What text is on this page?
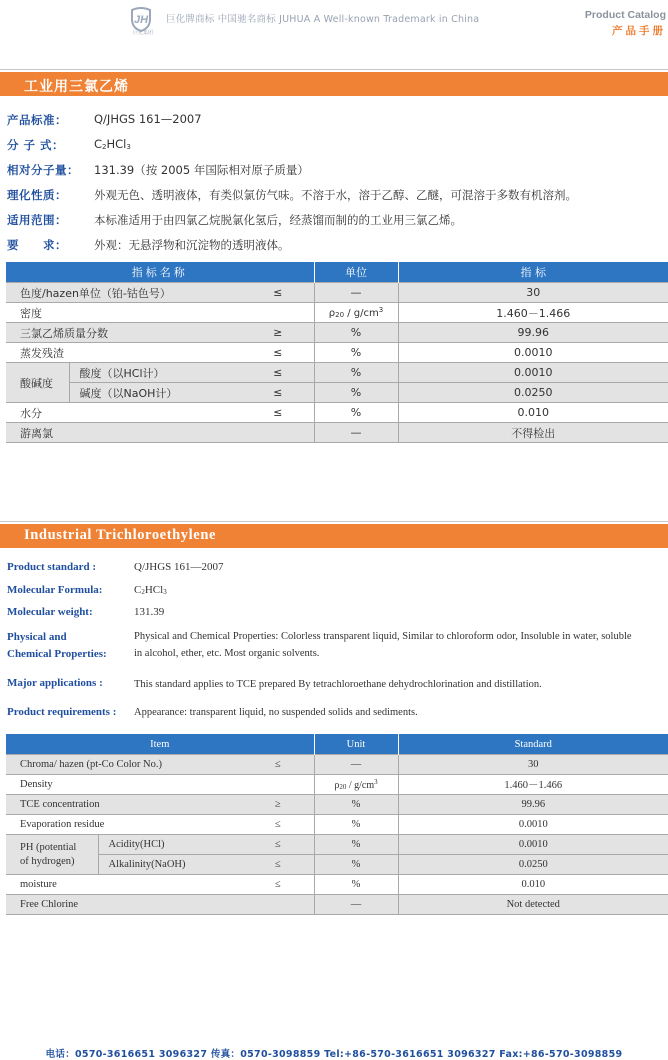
JH
巨化集团
巨化牌商标 中国驰名商标 JUHUA A Well-known Trademark in China	Product Catalog
产品手册
工业用三氯乙烯
产品标准： Q/JHGS 161—2007
分 子 式：	$C_2HCl_3$
相对分子量： 131.39（按 2005 年国际相对原子质量）
理化性质： 外观无色、透明液体，有类似氯仿气味。不溶于水，溶于乙醇、乙醚，可混溶于多数有机溶剂。
适用范围： 本标准适用于由四氯乙烷脱氯化氢后，经蒸馏而制的的工业用三氯乙烯。
要　　求： 外观：无悬浮物和沉淀物的透明液体。
指标名称			单位	指 标
色度/hazen单位（铂-钴色号）		≤	—	30
密度			$\rho_{20} / g/cm^3$	1.460－1.466
三氯乙烯质量分数		≥	%	99.96
蒸发残渣		≤	%	0.0010
酸碱度	酸度（以HCl计）	≤	%	0.0010
	碱度（以NaOH计）	≤	%	0.0250
水分		≤	%	0.010
游离氯			—	不得检出
Industrial Trichloroethylene
Product standard :	Q/JHGS 161—2007
Molecular Formula:	$C_2HCl_3$
Molecular weight:	131.39
Physical and
Chemical Properties:
Physical and Chemical Properties: Colorless transparent liquid, Similar to chloroform odor, Insoluble in water, soluble
in alcohol, ether, etc. Most organic solvents.
Major applications :	This standard applies to TCE prepared By tetrachloroethane dehydrochlorination and distillation.
Product requirements : Appearance: transparent liquid, no suspended solids and sediments.
Item			Unit	Standard
Chroma/ hazen (pt-Co Color No.)		≤	—	30
Density			$\rho_{20} / g/cm^3$	1.460－1.466
TCE concentration		≥	%	99.96
Evaporation residue		≤	%	0.0010

PH (potential
of hydrogen)	Acidity(HCl)	≤	%	0.0010
	Alkalinity(NaOH)	≤	%	0.0250
moisture		≤	%	0.010
Free Chlorine			—	Not detected
电话：0570-3616651 3096327 传真：0570-3098859 Tel:+86-570-3616651 3096327 Fax:+86-570-3098859
